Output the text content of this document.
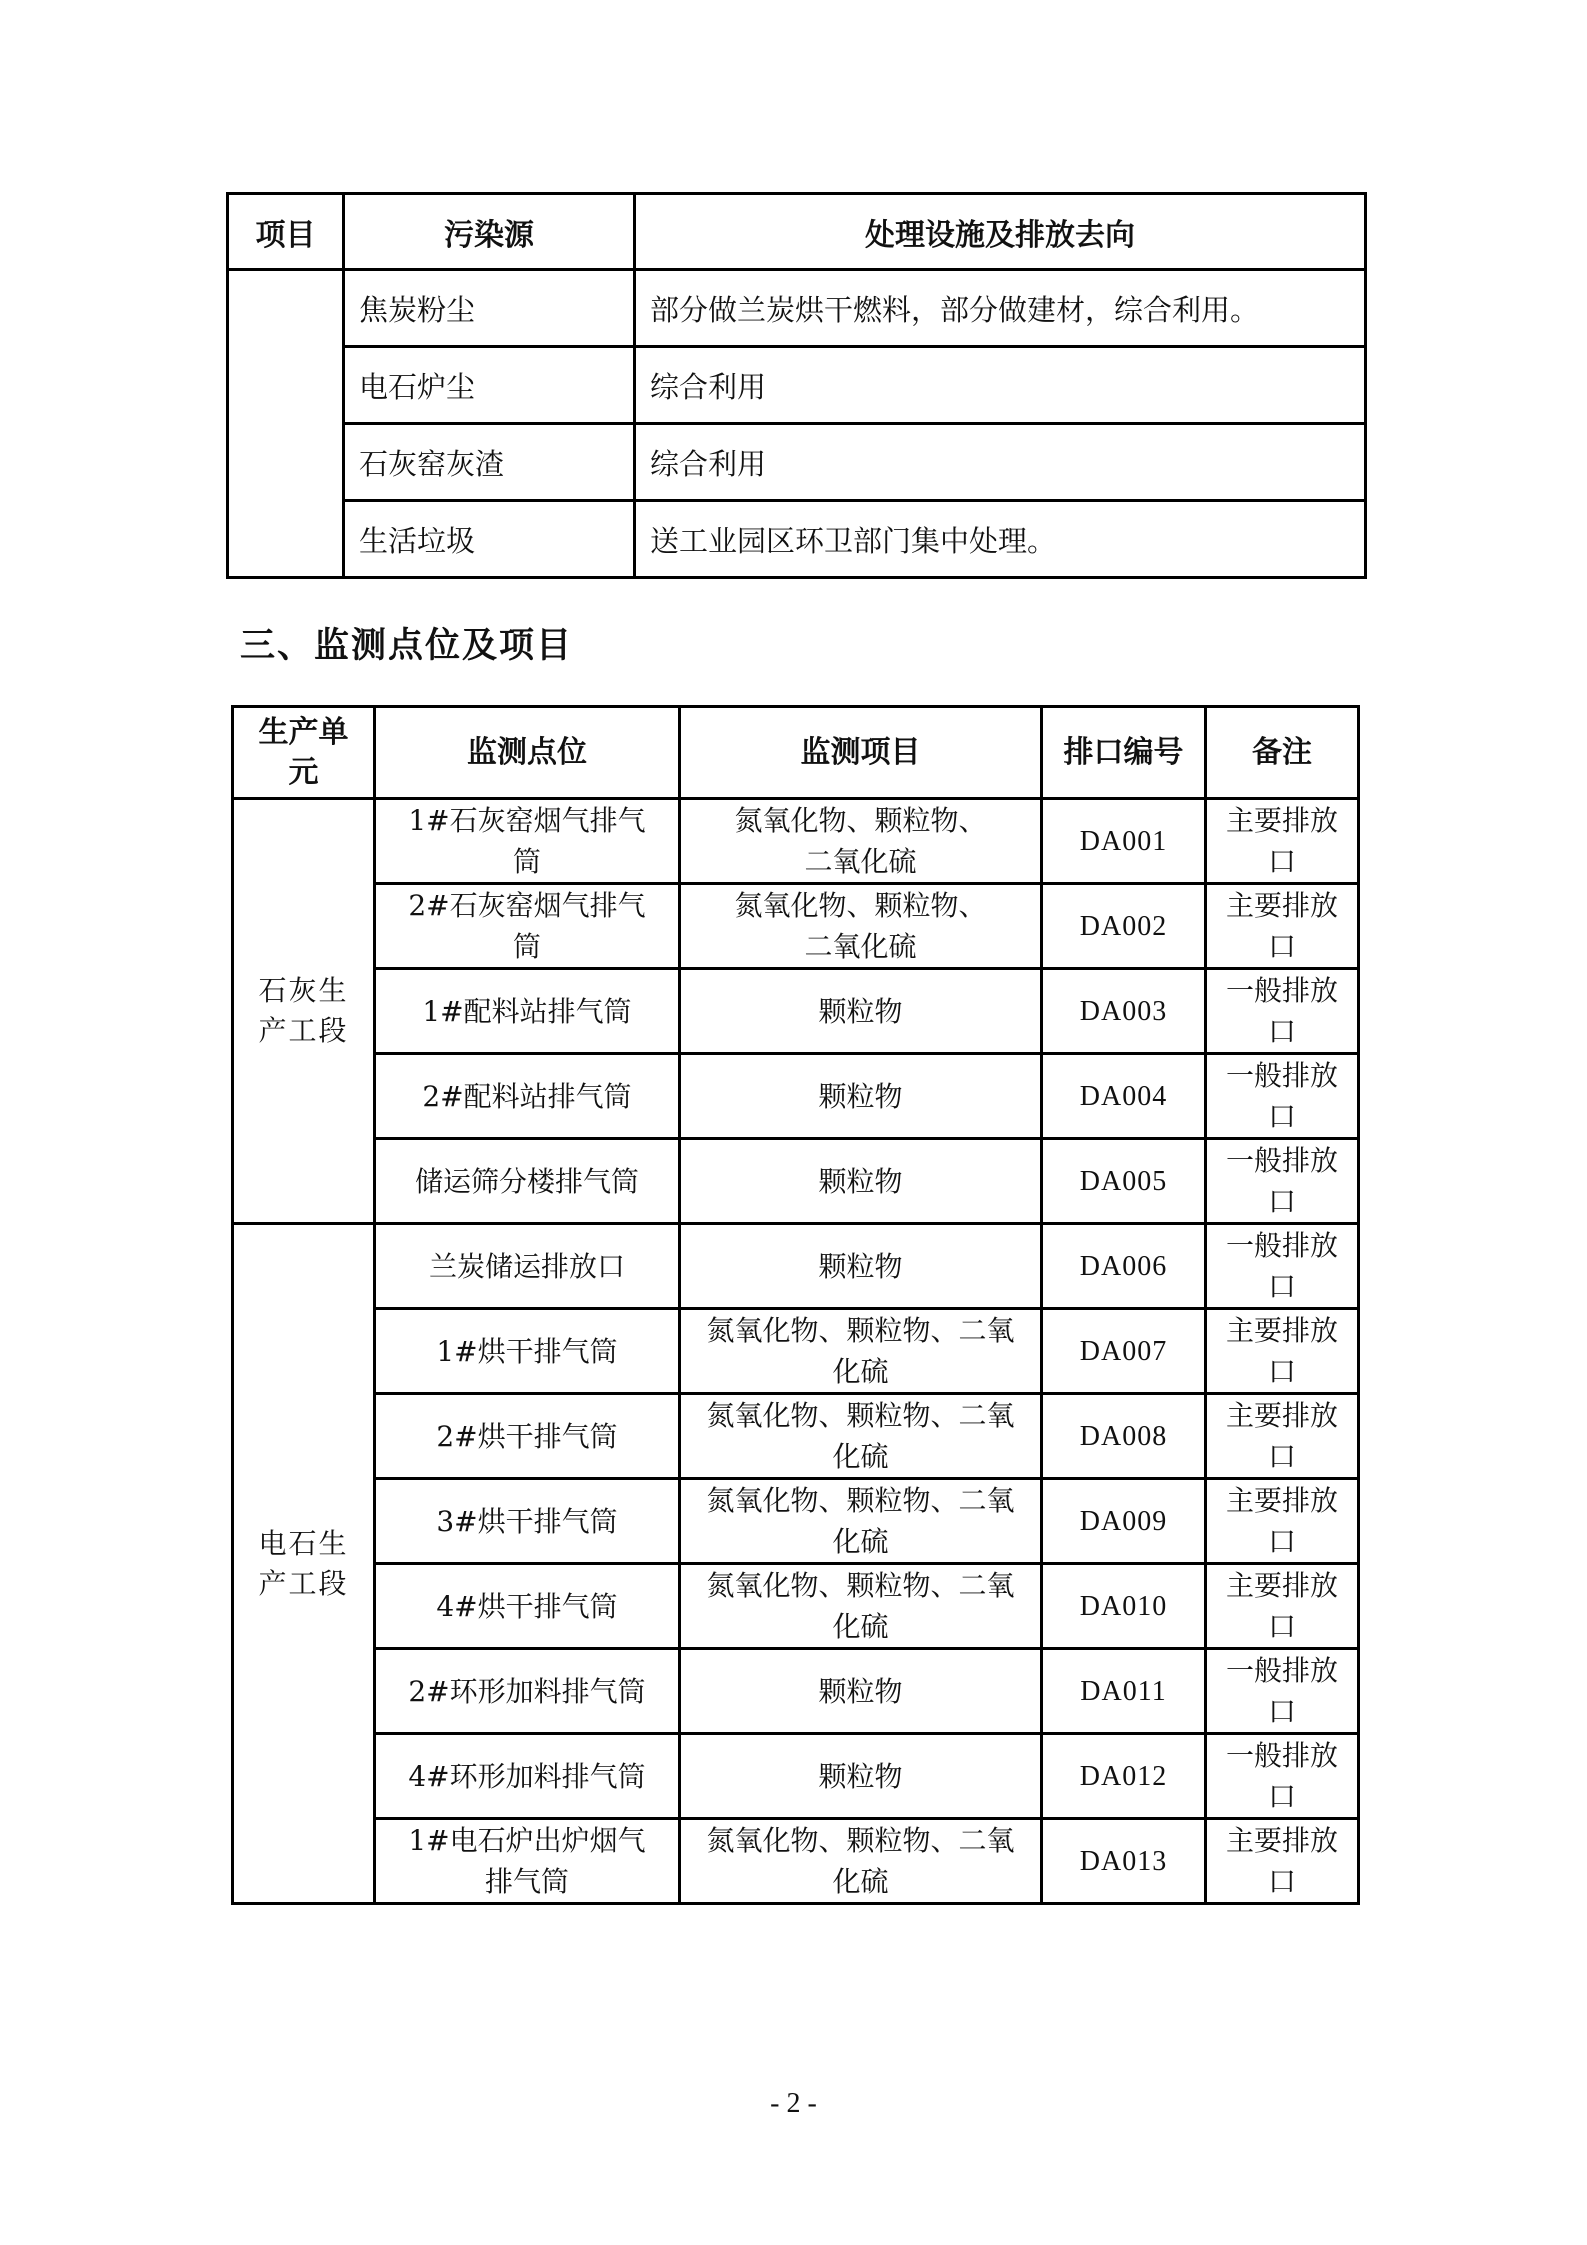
项目	污染源	处理设施及排放去向
	焦炭粉尘	部分做兰炭烘干燃料，部分做建材，综合利用。
	电石炉尘	综合利用
	石灰窑灰渣	综合利用
	生活垃圾	送工业园区环卫部门集中处理。
三、监测点位及项目
生产单元	监测点位	监测项目	排口编号	备注
石灰生产工段	1#石灰窑烟气排气筒	氮氧化物、颗粒物、二氧化硫	DA001	主要排放口
	2#石灰窑烟气排气筒	氮氧化物、颗粒物、二氧化硫	DA002	主要排放口
	1#配料站排气筒	颗粒物	DA003	一般排放口
	2#配料站排气筒	颗粒物	DA004	一般排放口
	储运筛分楼排气筒	颗粒物	DA005	一般排放口
电石生产工段	兰炭储运排放口	颗粒物	DA006	一般排放口
	1#烘干排气筒	氮氧化物、颗粒物、二氧化硫	DA007	主要排放口
	2#烘干排气筒	氮氧化物、颗粒物、二氧化硫	DA008	主要排放口
	3#烘干排气筒	氮氧化物、颗粒物、二氧化硫	DA009	主要排放口
	4#烘干排气筒	氮氧化物、颗粒物、二氧化硫	DA010	主要排放口
	2#环形加料排气筒	颗粒物	DA011	一般排放口
	4#环形加料排气筒	颗粒物	DA012	一般排放口
	1#电石炉出炉烟气排气筒	氮氧化物、颗粒物、二氧化硫	DA013	主要排放口
- 2 -
